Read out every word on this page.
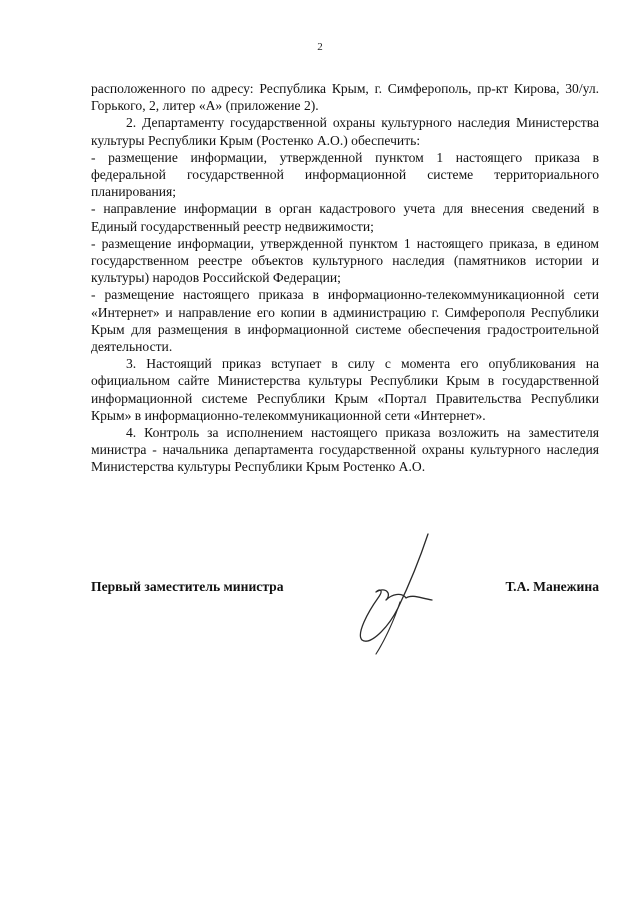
2

расположенного по адресу: Республика Крым, г. Симферополь, пр-кт Кирова, 30/ул. Горького, 2, литер «А» (приложение 2).

2. Департаменту государственной охраны культурного наследия Министерства культуры Республики Крым (Ростенко А.О.) обеспечить:

- размещение информации, утвержденной пунктом 1 настоящего приказа в федеральной государственной информационной системе территориального планирования;

- направление информации в орган кадастрового учета для внесения сведений в Единый государственный реестр недвижимости;

- размещение информации, утвержденной пунктом 1 настоящего приказа, в едином государственном реестре объектов культурного наследия (памятников истории и культуры) народов Российской Федерации;

- размещение настоящего приказа в информационно-телекоммуникационной сети «Интернет» и направление его копии в администрацию г. Симферополя Республики Крым для размещения в информационной системе обеспечения градостроительной деятельности.

3. Настоящий приказ вступает в силу с момента его опубликования на официальном сайте Министерства культуры Республики Крым в государственной информационной системе Республики Крым «Портал Правительства Республики Крым» в информационно-телекоммуникационной сети «Интернет».

4. Контроль за исполнением настоящего приказа возложить на заместителя министра - начальника департамента государственной охраны культурного наследия Министерства культуры Республики Крым Ростенко А.О.

Первый заместитель министра	Т.А. Манежина
